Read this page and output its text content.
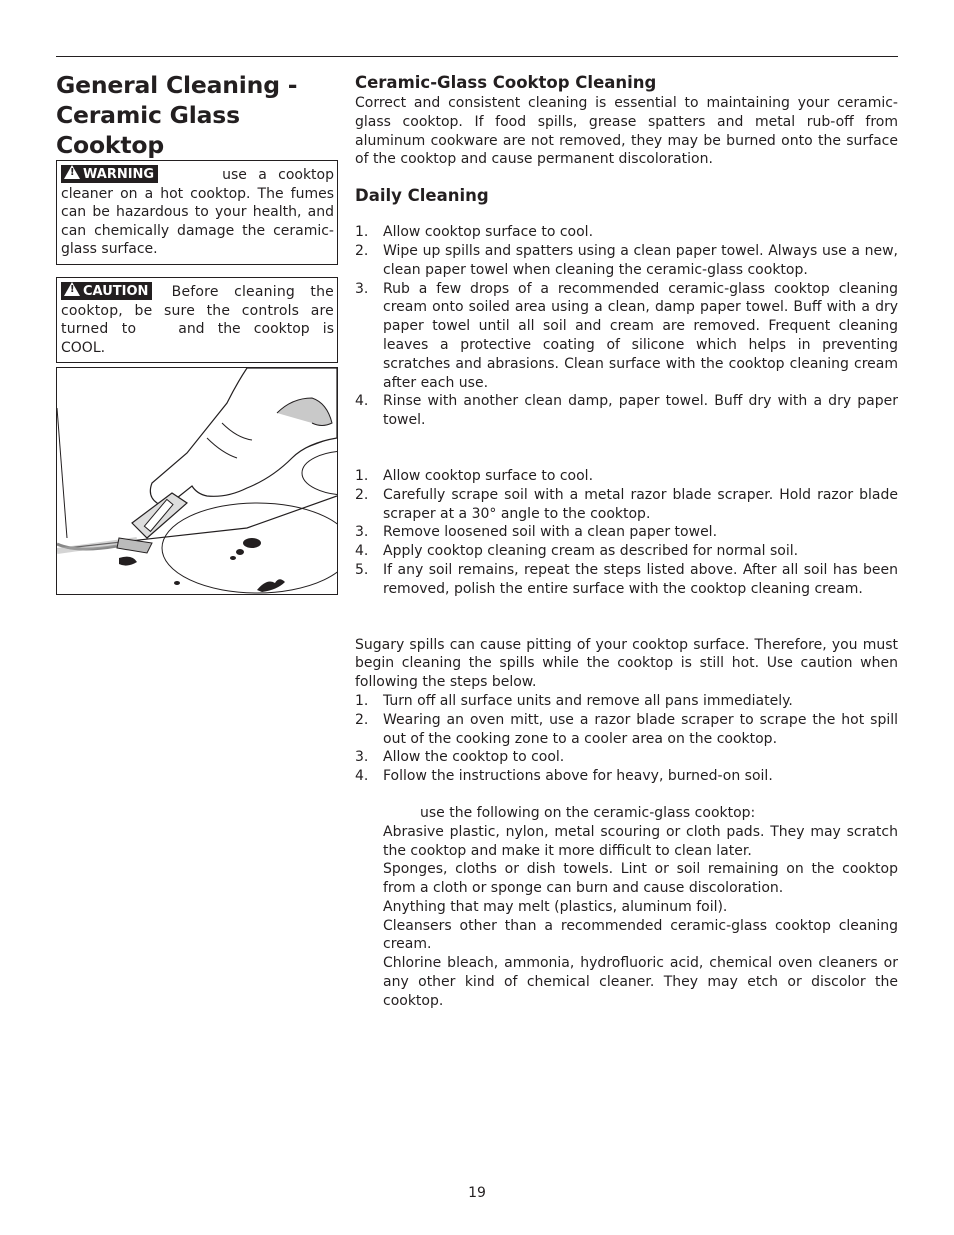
General Cleaning -
Ceramic Glass Cooktop
! WARNING	use a cooktop cleaner on a hot cooktop. The fumes can be hazardous to your health, and can chemically damage the ceramic-glass surface.
! CAUTION Before cleaning the cooktop, be sure the controls are turned to	and the cooktop is COOL.
Ceramic-Glass Cooktop Cleaning

Correct and consistent cleaning is essential to maintaining your ceramic-glass cooktop. If food spills, grease spatters and metal rub-off from aluminum cookware are not removed, they may be burned onto the surface of the cooktop and cause permanent discoloration.

Daily Cleaning
1. Allow cooktop surface to cool.
2. Wipe up spills and spatters using a clean paper towel. Always use a new, clean paper towel when cleaning the ceramic-glass cooktop.
3. Rub a few drops of a recommended ceramic-glass cooktop cleaning cream onto soiled area using a clean, damp paper towel. Buff with a dry paper towel until all soil and cream are removed. Frequent cleaning leaves a protective coating of silicone which helps in preventing scratches and abrasions. Clean surface with the cooktop cleaning cream after each use.
4. Rinse with another clean damp, paper towel. Buff dry with a dry paper towel.
1. Allow cooktop surface to cool.
2. Carefully scrape soil with a metal razor blade scraper. Hold razor blade scraper at a 30° angle to the cooktop.
3. Remove loosened soil with a clean paper towel.
4. Apply cooktop cleaning cream as described for normal soil.
5. If any soil remains, repeat the steps listed above. After all soil has been removed, polish the entire surface with the cooktop cleaning cream.

Sugary spills can cause pitting of your cooktop surface. Therefore, you must begin cleaning the spills while the cooktop is still hot. Use caution when following the steps below.

1. Turn off all surface units and remove all pans immediately.
2. Wearing an oven mitt, use a razor blade scraper to scrape the hot spill out of the cooking zone to a cooler area on the cooktop.
3. Allow the cooktop to cool.
4. Follow the instructions above for heavy, burned-on soil.

use the following on the ceramic-glass cooktop:

Abrasive plastic, nylon, metal scouring or cloth pads. They may scratch the cooktop and make it more difficult to clean later.
Sponges, cloths or dish towels. Lint or soil remaining on the cooktop from a cloth or sponge can burn and cause discoloration.
Anything that may melt (plastics, aluminum foil).
Cleansers other than a recommended ceramic-glass cooktop cleaning cream.
Chlorine bleach, ammonia, hydrofluoric acid, chemical oven cleaners or any other kind of chemical cleaner. They may etch or discolor the cooktop.
19
